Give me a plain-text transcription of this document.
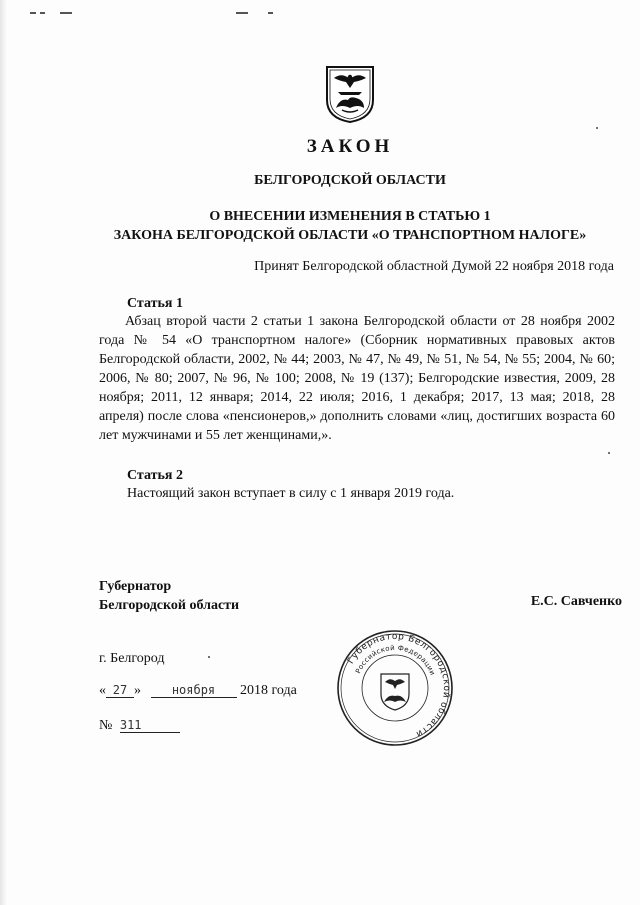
ЗАКОН
БЕЛГОРОДСКОЙ ОБЛАСТИ
О ВНЕСЕНИИ ИЗМЕНЕНИЯ В СТАТЬЮ 1
ЗАКОНА БЕЛГОРОДСКОЙ ОБЛАСТИ «О ТРАНСПОРТНОМ НАЛОГЕ»
Принят Белгородской областной Думой 22 ноября 2018 года
Статья 1
Абзац второй части 2 статьи 1 закона Белгородской области от 28 ноября 2002 года № 54 «О транспортном налоге» (Сборник нормативных правовых актов Белгородской области, 2002, № 44; 2003, № 47, № 49, № 51, № 54, № 55; 2004, № 60; 2006, № 80; 2007, № 96, № 100; 2008, № 19 (137); Белгородские известия, 2009, 28 ноября; 2011, 12 января; 2014, 22 июля; 2016, 1 декабря; 2017, 13 мая; 2018, 28 апреля) после слова «пенсионеров,» дополнить словами «лиц, достигших возраста 60 лет мужчинами и 55 лет женщинами,».
Статья 2
Настоящий закон вступает в силу с 1 января 2019 года.
Губернатор
Белгородской области	Е.С. Савченко
г. Белгород
« 27 »	ноября 2018 года
№ 311
Губернатор Белгородской области
Российской Федерации
